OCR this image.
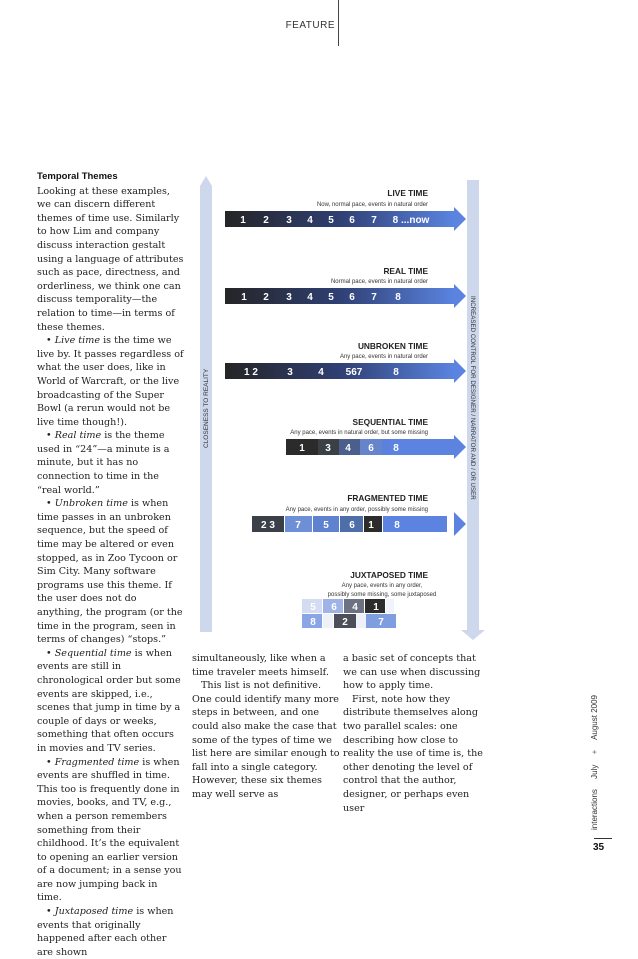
FEATURE
Temporal Themes

Looking at these examples, we can discern different themes of time use. Similarly to how Lim and company discuss interaction gestalt using a language of attributes such as pace, directness, and orderliness, we think one can discuss temporality—the relation to time—in terms of these themes.

• Live time is the time we live by. It passes regardless of what the user does, like in World of Warcraft, or the live broadcasting of the Super Bowl (a rerun would not be live time though!).

• Real time is the theme used in “24”—a minute is a minute, but it has no connection to time in the “real world.”

• Unbroken time is when time passes in an unbroken sequence, but the speed of time may be altered or even stopped, as in Zoo Tycoon or Sim City. Many software programs use this theme. If the user does not do anything, the program (or the time in the program, seen in terms of changes) “stops.”

• Sequential time is when events are still in chronological order but some events are skipped, i.e., scenes that jump in time by a couple of days or weeks, something that often occurs in movies and TV series.

• Fragmented time is when events are shuffled in time. This too is frequently done in movies, books, and TV, e.g., when a person remembers something from their childhood. It’s the equivalent to opening an earlier version of a document; in a sense you are now jumping back in time.

• Juxtaposed time is when events that originally happened after each other are shown

simultaneously, like when a time traveler meets himself.

This list is not definitive. One could identify many more steps in between, and one could also make the case that some of the types of time we list here are similar enough to fall into a single category. However, these six themes may well serve as

a basic set of concepts that we can use when discussing how to apply time.

First, note how they distribute themselves along two parallel scales: one describing how close to reality the use of time is, the other denoting the level of control that the author, designer, or perhaps even user

CLOSENESS TO REALITY	INCREASED CONTROL FOR DESIGNER / NARRATOR AND / OR USER
LIVE TIME
Now, normal pace, events in natural order
1 2 3 4 5 6 7 8 ...now
REAL TIME
Normal pace, events in natural order
1 2 3 4 5 6 7 8
UNBROKEN TIME
Any pace, events in natural order
1 2	3	4 567	8
SEQUENTIAL TIME
Any pace, events in natural order, but some missing
1 3 4 6 8
FRAGMENTED TIME
Any pace, events in any order, possibly some missing
2 3 7 5 6 1 8
JUXTAPOSED TIME
Any pace, events in any order,
possibly some missing, some juxtaposed
5 6 4 1
8	2	7
interactions July + August 2009
35
